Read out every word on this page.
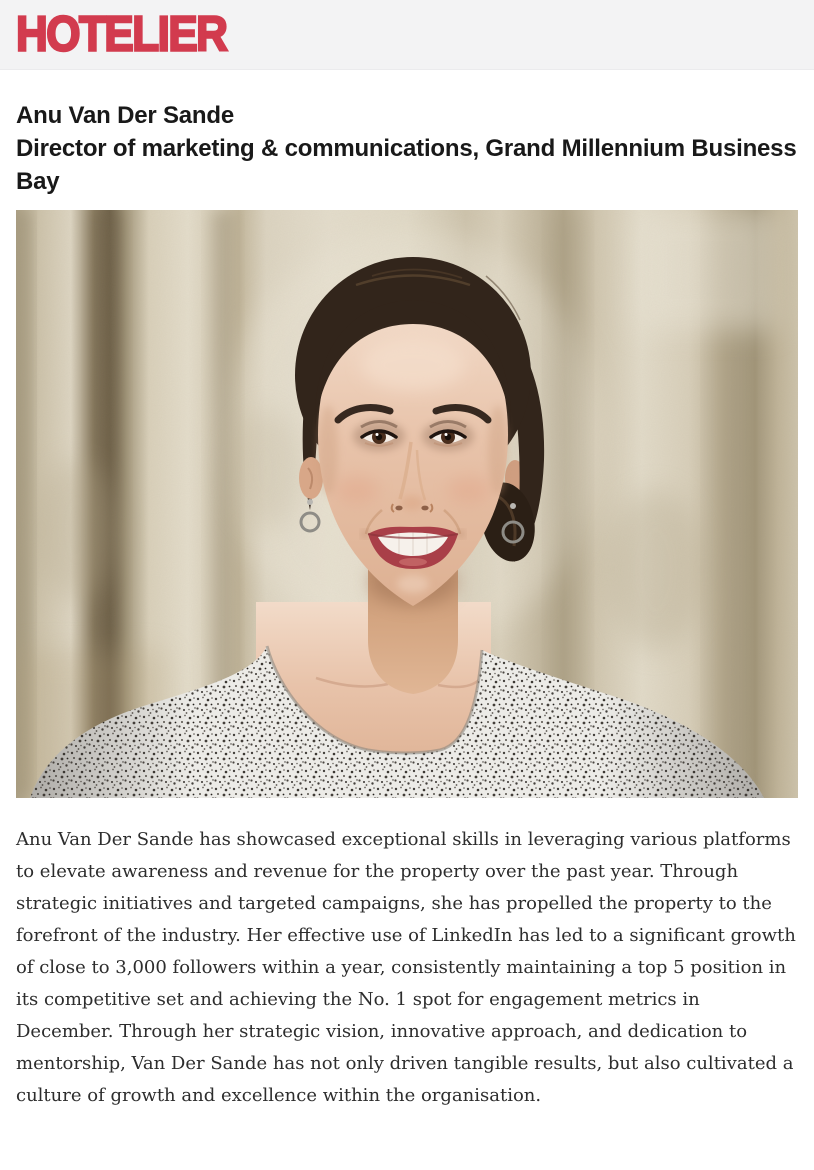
HOTELIER
Anu Van Der Sande
Director of marketing & communications, Grand Millennium Business Bay

Anu Van Der Sande has showcased exceptional skills in leveraging various platforms to elevate awareness and revenue for the property over the past year. Through strategic initiatives and targeted campaigns, she has propelled the property to the forefront of the industry. Her effective use of LinkedIn has led to a significant growth of close to 3,000 followers within a year, consistently maintaining a top 5 position in its competitive set and achieving the No. 1 spot for engagement metrics in December. Through her strategic vision, innovative approach, and dedication to mentorship, Van Der Sande has not only driven tangible results, but also cultivated a culture of growth and excellence within the organisation.
